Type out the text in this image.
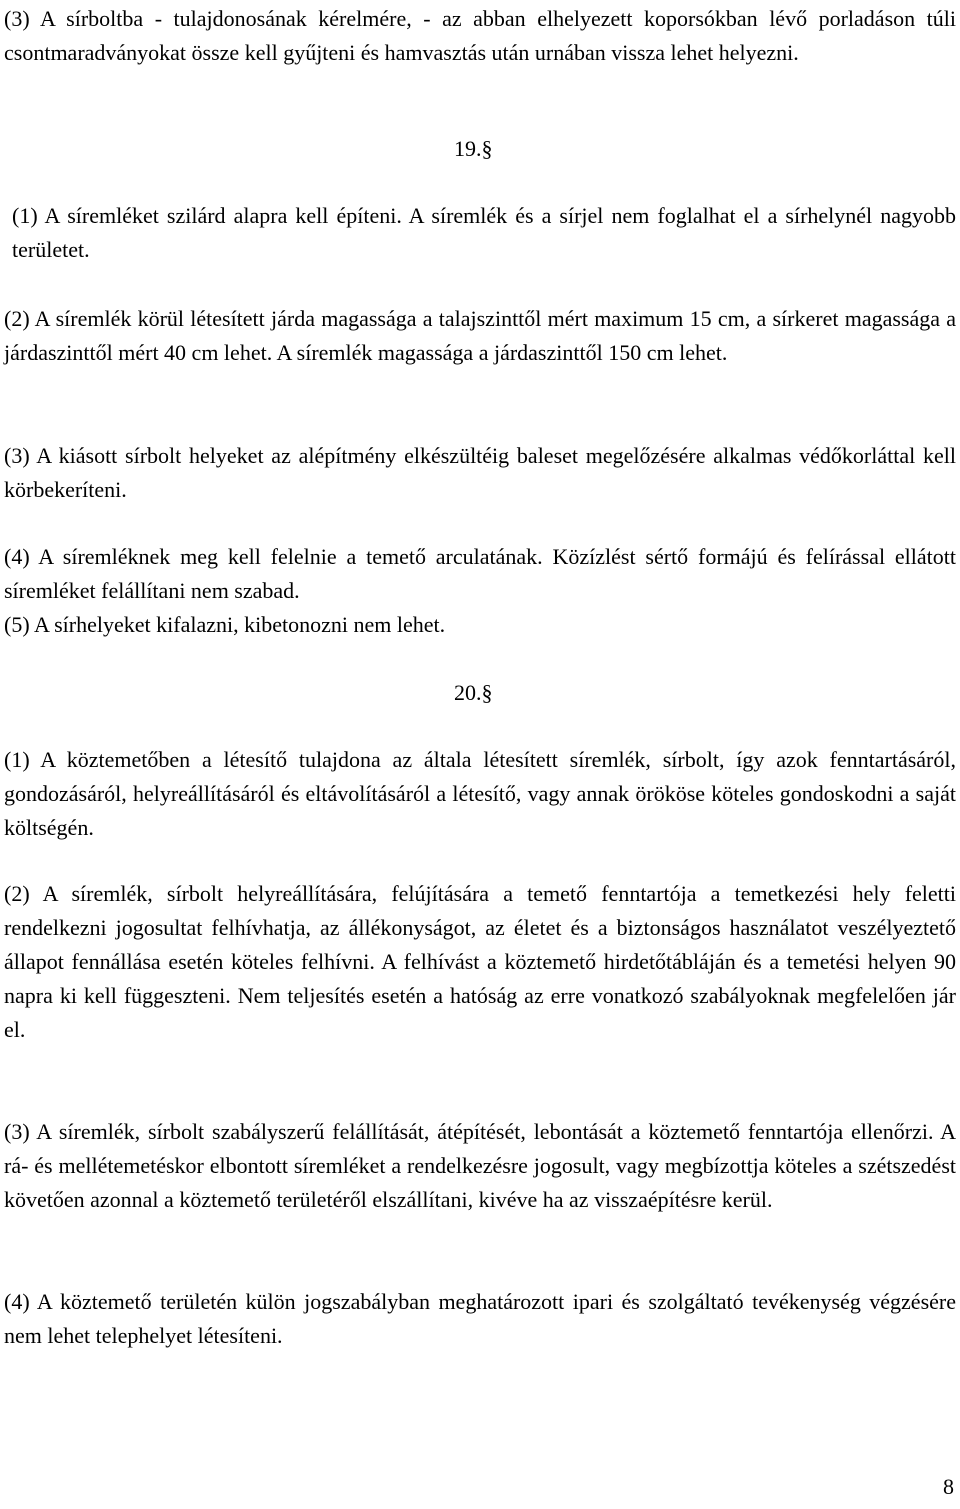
(3) A sírboltba - tulajdonosának kérelmére, - az abban elhelyezett koporsókban lévő porladáson túli csontmaradványokat össze kell gyűjteni és hamvasztás után urnában vissza lehet helyezni.

19.§

(1) A síremléket szilárd alapra kell építeni. A síremlék és a sírjel nem foglalhat el a sírhelynél nagyobb területet.

(2) A síremlék körül létesített járda magassága a talajszinttől mért maximum 15 cm, a sírkeret magassága a járdaszinttől mért 40 cm lehet. A síremlék magassága a járdaszinttől 150 cm lehet.

(3) A kiásott sírbolt helyeket az alépítmény elkészültéig baleset megelőzésére alkalmas védőkorláttal kell körbekeríteni.

(4) A síremléknek meg kell felelnie a temető arculatának. Közízlést sértő formájú és felírással ellátott síremléket felállítani nem szabad.

(5) A sírhelyeket kifalazni, kibetonozni nem lehet.

20.§

(1) A köztemetőben a létesítő tulajdona az általa létesített síremlék, sírbolt, így azok fenntartásáról, gondozásáról, helyreállításáról és eltávolításáról a létesítő, vagy annak örököse köteles gondoskodni a saját költségén.

(2) A síremlék, sírbolt helyreállítására, felújítására a temető fenntartója a temetkezési hely feletti rendelkezni jogosultat felhívhatja, az állékonyságot, az életet és a biztonságos használatot veszélyeztető állapot fennállása esetén köteles felhívni. A felhívást a köztemető hirdetőtábláján és a temetési helyen 90 napra ki kell függeszteni. Nem teljesítés esetén a hatóság az erre vonatkozó szabályoknak megfelelően jár el.

(3) A síremlék, sírbolt szabályszerű felállítását, átépítését, lebontását a köztemető fenntartója ellenőrzi. A rá- és mellétemetéskor elbontott síremléket a rendelkezésre jogosult, vagy megbízottja köteles a szétszedést követően azonnal a köztemető területéről elszállítani, kivéve ha az visszaépítésre kerül.

(4) A köztemető területén külön jogszabályban meghatározott ipari és szolgáltató tevékenység végzésére nem lehet telephelyet létesíteni.

8
